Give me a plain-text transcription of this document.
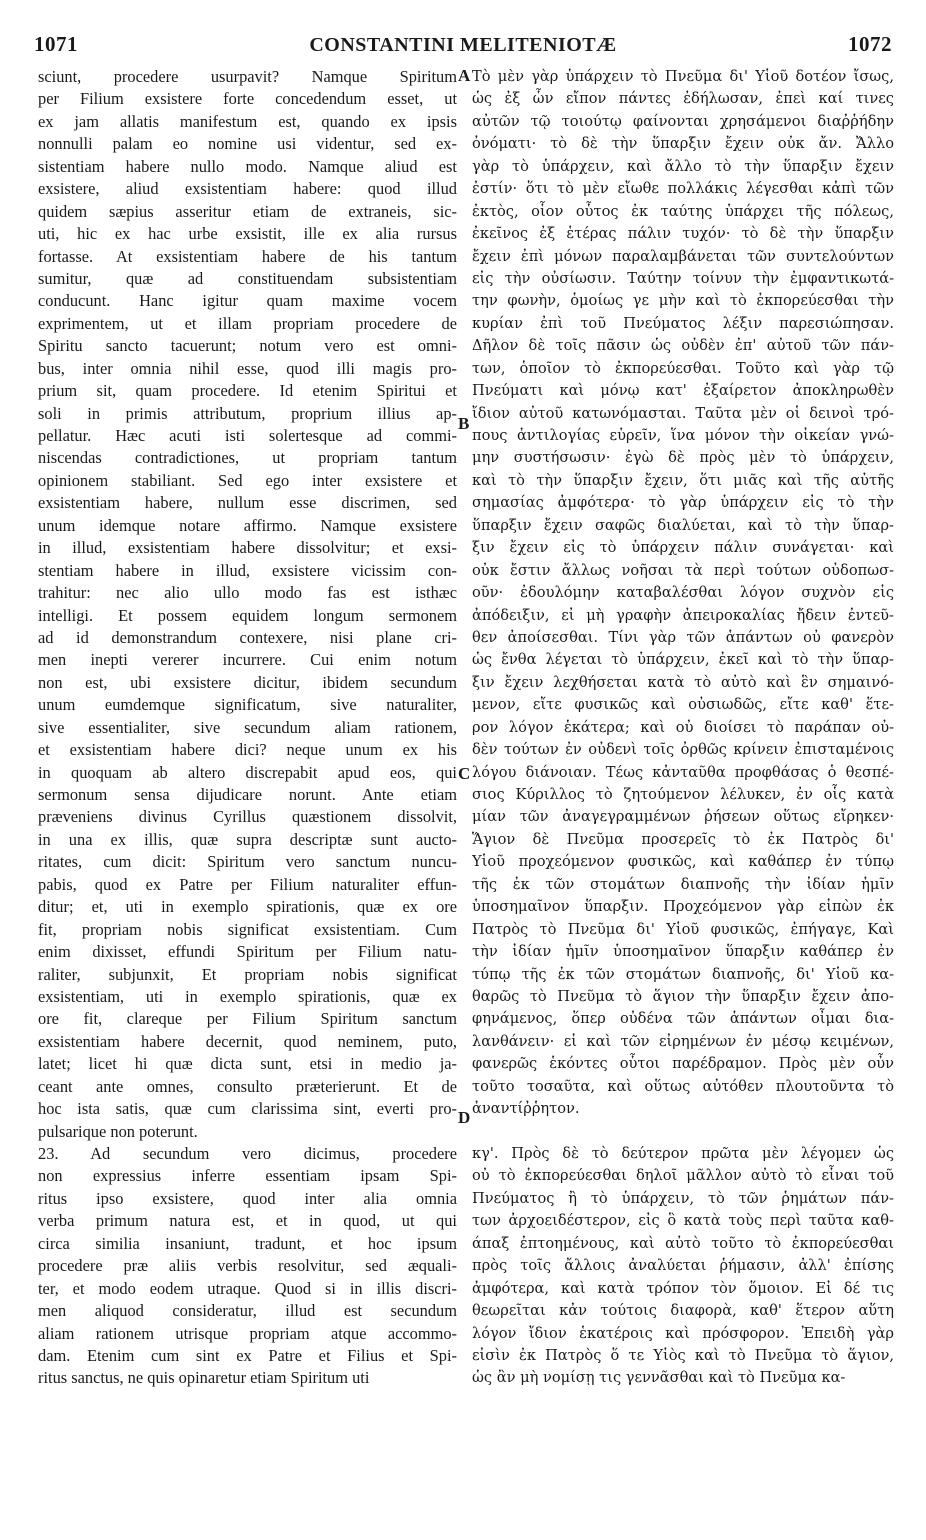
1071	CONSTANTINI MELITENIOTÆ	1072
sciunt, procedere usurpavit? Namque Spiritum
per Filium exsistere forte concedendum esset, ut
ex jam allatis manifestum est, quando ex ipsis
nonnulli palam eo nomine usi videntur, sed ex-
sistentiam habere nullo modo. Namque aliud est
exsistere, aliud exsistentiam habere: quod illud
quidem sæpius asseritur etiam de extraneis, sic-
uti, hic ex hac urbe exsistit, ille ex alia rursus
fortasse. At exsistentiam habere de his tantum
sumitur, quæ ad constituendam subsistentiam
conducunt. Hanc igitur quam maxime vocem
exprimentem, ut et illam propriam procedere de
Spiritu sancto tacuerunt; notum vero est omni-
bus, inter omnia nihil esse, quod illi magis pro-
prium sit, quam procedere. Id etenim Spiritui et
soli in primis attributum, proprium illius ap-
pellatur. Hæc acuti isti solertesque ad commi-
niscendas contradictiones, ut propriam tantum
opinionem stabiliant. Sed ego inter exsistere et
exsistentiam habere, nullum esse discrimen, sed
unum idemque notare affirmo. Namque exsistere
in illud, exsistentiam habere dissolvitur; et exsi-
stentiam habere in illud, exsistere vicissim con-
trahitur: nec alio ullo modo fas est isthæc
intelligi. Et possem equidem longum sermonem
ad id demonstrandum contexere, nisi plane cri-
men inepti vererer incurrere. Cui enim notum
non est, ubi exsistere dicitur, ibidem secundum
unum eumdemque significatum, sive naturaliter,
sive essentialiter, sive secundum aliam rationem,
et exsistentiam habere dici? neque unum ex his
in quoquam ab altero discrepabit apud eos, qui
sermonum sensa dijudicare norunt. Ante etiam
præveniens divinus Cyrillus quæstionem dissolvit,
in una ex illis, quæ supra descriptæ sunt aucto-
ritates, cum dicit: Spiritum vero sanctum nuncu-
pabis, quod ex Patre per Filium naturaliter effun-
ditur; et, uti in exemplo spirationis, quæ ex ore
fit, propriam nobis significat exsistentiam. Cum
enim dixisset, effundi Spiritum per Filium natu-
raliter, subjunxit, Et propriam nobis significat
exsistentiam, uti in exemplo spirationis, quæ ex
ore fit, clareque per Filium Spiritum sanctum
exsistentiam habere decernit, quod neminem, puto,
latet; licet hi quæ dicta sunt, etsi in medio ja-
ceant ante omnes, consulto præterierunt. Et de
hoc ista satis, quæ cum clarissima sint, everti pro-
pulsarique non poterunt.
23. Ad secundum vero dicimus, procedere
non expressius inferre essentiam ipsam Spi-
ritus ipso exsistere, quod inter alia omnia
verba primum natura est, et in quod, ut qui
circa similia insaniunt, tradunt, et hoc ipsum
procedere præ aliis verbis resolvitur, sed æquali-
ter, et modo eodem utraque. Quod si in illis discri-
men aliquod consideratur, illud est secundum
aliam rationem utrisque propriam atque accommo-
dam. Etenim cum sint ex Patre et Filius et Spi-
ritus sanctus, ne quis opinaretur etiam Spiritum uti
Τὸ μὲν γὰρ ὑπάρχειν τὸ Πνεῦμα δι' Υἱοῦ δοτέον ἴσως,
ὡς ἐξ ὧν εἴπον πάντες ἐδήλωσαν, ἐπεὶ καί τινες
αὐτῶν τῷ τοιούτῳ φαίνονται χρησάμενοι διαῤῥήδην
ὀνόματι· τὸ δὲ τὴν ὕπαρξιν ἔχειν οὐκ ἄν. Ἄλλο
γὰρ τὸ ὑπάρχειν, καὶ ἄλλο τὸ τὴν ὕπαρξιν ἔχειν
ἐστίν· ὅτι τὸ μὲν εἴωθε πολλάκις λέγεσθαι κἀπὶ τῶν
ἐκτὸς, οἷον οὗτος ἐκ ταύτης ὑπάρχει τῆς πόλεως,
ἐκεῖνος ἐξ ἑτέρας πάλιν τυχόν· τὸ δὲ τὴν ὕπαρξιν
ἔχειν ἐπὶ μόνων παραλαμβάνεται τῶν συντελούντων
εἰς τὴν οὐσίωσιν. Ταύτην τοίνυν τὴν ἐμφαντικωτά-
την φωνὴν, ὁμοίως γε μὴν καὶ τὸ ἐκπορεύεσθαι τὴν
κυρίαν ἐπὶ τοῦ Πνεύματος λέξιν παρεσιώπησαν.
Δῆλον δὲ τοῖς πᾶσιν ὡς οὐδὲν ἐπ' αὐτοῦ τῶν πάν-
των, ὁποῖον τὸ ἐκπορεύεσθαι. Τοῦτο καὶ γὰρ τῷ
Πνεύματι καὶ μόνῳ κατ' ἐξαίρετον ἀποκληρωθὲν
ἴδιον αὐτοῦ κατωνόμασται. Ταῦτα μὲν οἱ δεινοὶ τρό-
πους ἀντιλογίας εὑρεῖν, ἵνα μόνον τὴν οἰκείαν γνώ-
μην συστήσωσιν· ἐγὼ δὲ πρὸς μὲν τὸ ὑπάρχειν,
καὶ τὸ τὴν ὕπαρξιν ἔχειν, ὅτι μιᾶς καὶ τῆς αὐτῆς
σημασίας ἀμφότερα· τὸ γὰρ ὑπάρχειν εἰς τὸ τὴν
ὕπαρξιν ἔχειν σαφῶς διαλύεται, καὶ τὸ τὴν ὕπαρ-
ξιν ἔχειν εἰς τὸ ὑπάρχειν πάλιν συνάγεται· καὶ
οὐκ ἔστιν ἄλλως νοῆσαι τὰ περὶ τούτων οὐδοπωσ-
οῦν· ἐδουλόμην καταβαλέσθαι λόγον συχνὸν εἰς
ἀπόδειξιν, εἰ μὴ γραφὴν ἀπειροκαλίας ἤδειν ἐντεῦ-
θεν ἀποίσεσθαι. Τίνι γὰρ τῶν ἁπάντων οὐ φανερὸν
ὡς ἔνθα λέγεται τὸ ὑπάρχειν, ἐκεῖ καὶ τὸ τὴν ὕπαρ-
ξιν ἔχειν λεχθήσεται κατὰ τὸ αὐτὸ καὶ ἓν σημαινό-
μενον, εἴτε φυσικῶς καὶ οὐσιωδῶς, εἴτε καθ' ἕτε-
ρον λόγον ἑκάτερα; καὶ οὐ διοίσει τὸ παράπαν οὐ-
δὲν τούτων ἐν οὐδενὶ τοῖς ὀρθῶς κρίνειν ἐπισταμένοις
λόγου διάνοιαν. Τέως κἀνταῦθα προφθάσας ὁ θεσπέ-
σιος Κύριλλος τὸ ζητούμενον λέλυκεν, ἐν οἷς κατὰ
μίαν τῶν ἀναγεγραμμένων ῥήσεων οὕτως εἴρηκεν·
Ἅγιον δὲ Πνεῦμα προσερεῖς τὸ ἐκ Πατρὸς δι'
Υἱοῦ προχεόμενον φυσικῶς, καὶ καθάπερ ἐν τύπῳ
τῆς ἐκ τῶν στομάτων διαπνοῆς τὴν ἰδίαν ἡμῖν
ὑποσημαῖνον ὕπαρξιν. Προχεόμενον γὰρ εἰπὼν ἐκ
Πατρὸς τὸ Πνεῦμα δι' Υἱοῦ φυσικῶς, ἐπήγαγε, Καὶ
τὴν ἰδίαν ἡμῖν ὑποσημαῖνον ὕπαρξιν καθάπερ ἐν
τύπῳ τῆς ἐκ τῶν στομάτων διαπνοῆς, δι' Υἱοῦ κα-
θαρῶς τὸ Πνεῦμα τὸ ἅγιον τὴν ὕπαρξιν ἔχειν ἀπο-
φηνάμενος, ὅπερ οὐδένα τῶν ἁπάντων οἶμαι δια-
λανθάνειν· εἰ καὶ τῶν εἰρημένων ἐν μέσῳ κειμένων,
φανερῶς ἑκόντες οὗτοι παρέδραμον. Πρὸς μὲν οὖν
τοῦτο τοσαῦτα, καὶ οὕτως αὐτόθεν πλουτοῦντα τὸ
ἀναντίῤῥητον.
κγ'. Πρὸς δὲ τὸ δεύτερον πρῶτα μὲν λέγομεν ὡς
οὐ τὸ ἐκπορεύεσθαι δηλοῖ μᾶλλον αὐτὸ τὸ εἶναι τοῦ
Πνεύματος ἢ τὸ ὑπάρχειν, τὸ τῶν ῥημάτων πάν-
των ἀρχοειδέστερον, εἰς ὃ κατὰ τοὺς περὶ ταῦτα καθ-
άπαξ ἐπτοημένους, καὶ αὐτὸ τοῦτο τὸ ἐκπορεύεσθαι
πρὸς τοῖς ἄλλοις ἀναλύεται ῥήμασιν, ἀλλ' ἐπίσης
ἀμφότερα, καὶ κατὰ τρόπον τὸν ὅμοιον. Εἰ δέ τις
θεωρεῖται κἀν τούτοις διαφορὰ, καθ' ἕτερον αὕτη
λόγον ἴδιον ἑκατέροις καὶ πρόσφορον. Ἐπειδὴ γὰρ
εἰσὶν ἐκ Πατρὸς ὅ τε Υἱὸς καὶ τὸ Πνεῦμα τὸ ἅγιον,
ὡς ἂν μὴ νομίσῃ τις γεννᾶσθαι καὶ τὸ Πνεῦμα κα-
A
B
C
D
